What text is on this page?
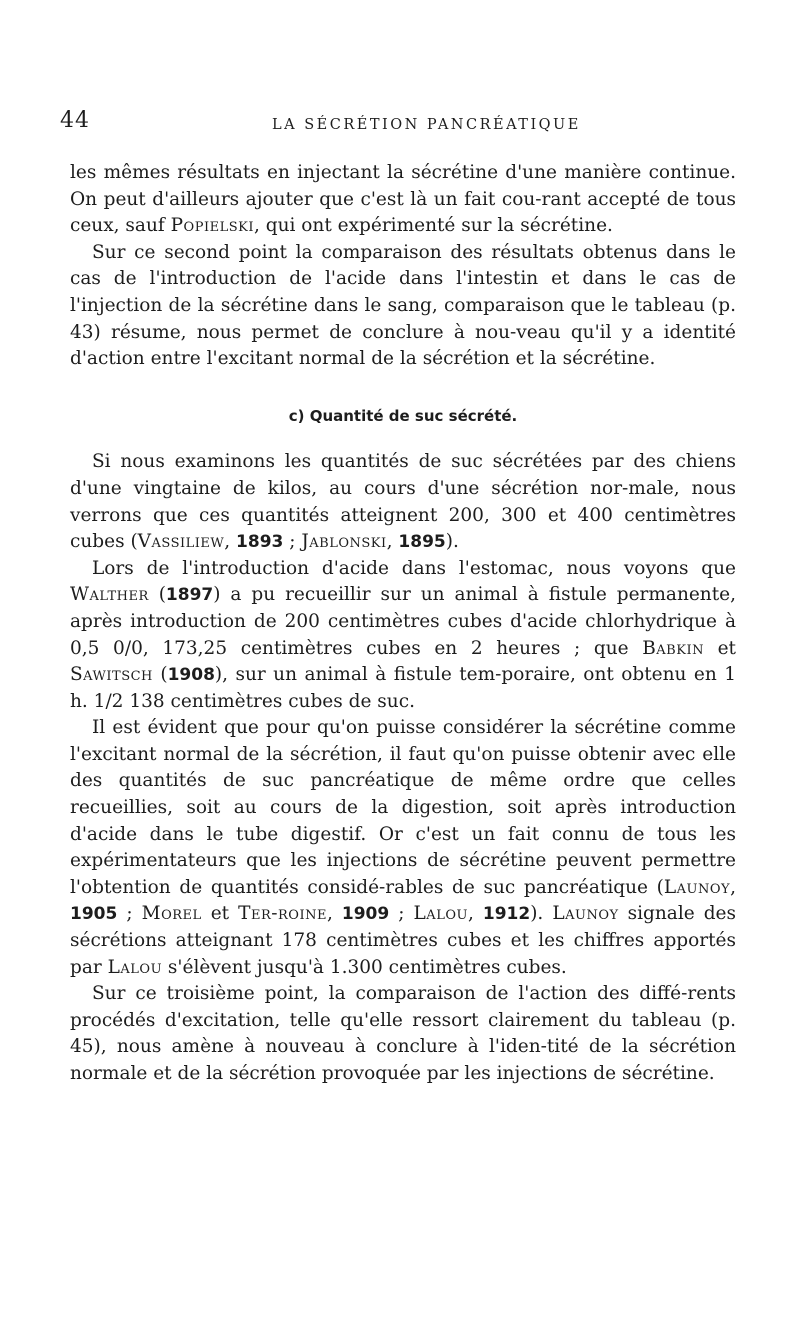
44	LA SÉCRÉTION PANCRÉATIQUE

les mêmes résultats en injectant la sécrétine d'une manière continue. On peut d'ailleurs ajouter que c'est là un fait cou-rant accepté de tous ceux, sauf Popielski, qui ont expérimenté sur la sécrétine.

Sur ce second point la comparaison des résultats obtenus dans le cas de l'introduction de l'acide dans l'intestin et dans le cas de l'injection de la sécrétine dans le sang, comparaison que le tableau (p. 43) résume, nous permet de conclure à nou-veau qu'il y a identité d'action entre l'excitant normal de la sécrétion et la sécrétine.

c) Quantité de suc sécrété.

Si nous examinons les quantités de suc sécrétées par des chiens d'une vingtaine de kilos, au cours d'une sécrétion nor-male, nous verrons que ces quantités atteignent 200, 300 et 400 centimètres cubes (Vassiliew, 1893 ; Jablonski, 1895).

Lors de l'introduction d'acide dans l'estomac, nous voyons que Walther (1897) a pu recueillir sur un animal à fistule permanente, après introduction de 200 centimètres cubes d'acide chlorhydrique à 0,5 0/0, 173,25 centimètres cubes en 2 heures ; que Babkin et Sawitsch (1908), sur un animal à fistule tem-poraire, ont obtenu en 1 h. 1/2 138 centimètres cubes de suc.

Il est évident que pour qu'on puisse considérer la sécrétine comme l'excitant normal de la sécrétion, il faut qu'on puisse obtenir avec elle des quantités de suc pancréatique de même ordre que celles recueillies, soit au cours de la digestion, soit après introduction d'acide dans le tube digestif. Or c'est un fait connu de tous les expérimentateurs que les injections de sécrétine peuvent permettre l'obtention de quantités considé-rables de suc pancréatique (Launoy, 1905 ; Morel et Ter-roine, 1909 ; Lalou, 1912). Launoy signale des sécrétions atteignant 178 centimètres cubes et les chiffres apportés par Lalou s'élèvent jusqu'à 1.300 centimètres cubes.

Sur ce troisième point, la comparaison de l'action des diffé-rents procédés d'excitation, telle qu'elle ressort clairement du tableau (p. 45), nous amène à nouveau à conclure à l'iden-tité de la sécrétion normale et de la sécrétion provoquée par les injections de sécrétine.
